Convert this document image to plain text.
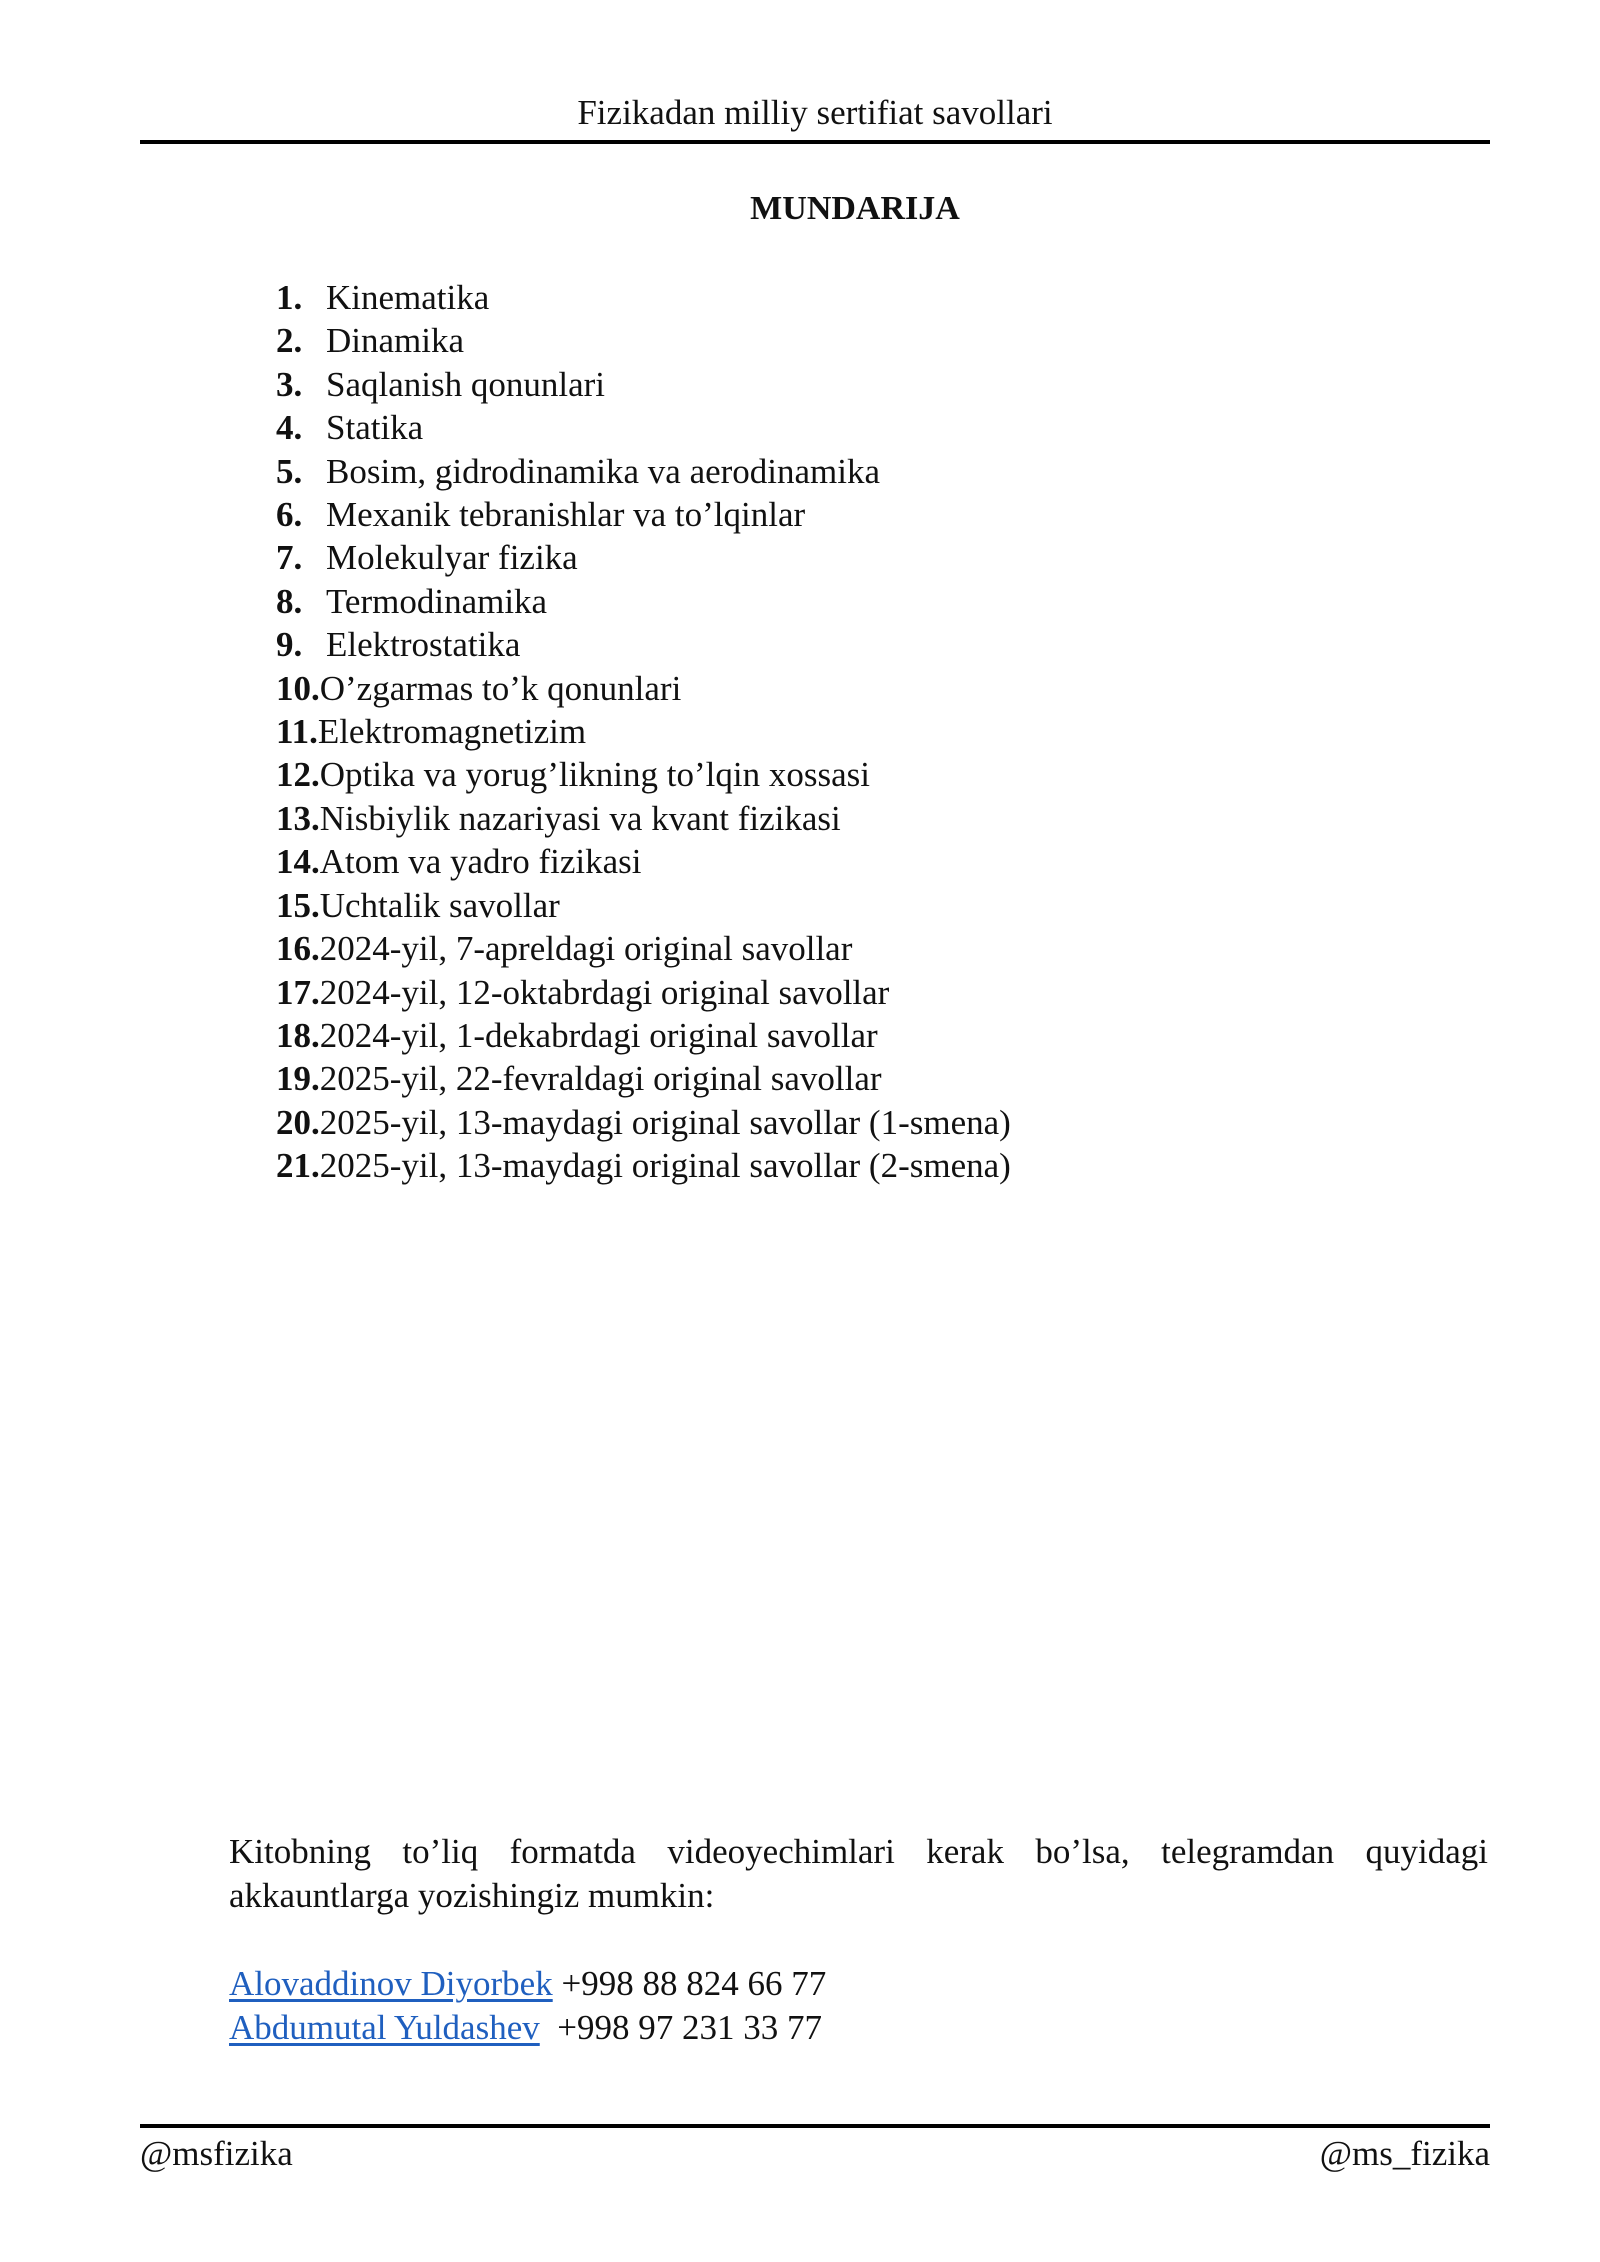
Fizikadan milliy sertifiat savollari
MUNDARIJA
1. Kinematika
2. Dinamika
3. Saqlanish qonunlari
4. Statika
5. Bosim, gidrodinamika va aerodinamika
6. Mexanik tebranishlar va to’lqinlar
7. Molekulyar fizika
8. Termodinamika
9. Elektrostatika
10. O’zgarmas to’k qonunlari
11. Elektromagnetizim
12. Optika va yorug’likning to’lqin xossasi
13. Nisbiylik nazariyasi va kvant fizikasi
14. Atom va yadro fizikasi
15. Uchtalik savollar
16. 2024-yil, 7-apreldagi original savollar
17. 2024-yil, 12-oktabrdagi original savollar
18. 2024-yil, 1-dekabrdagi original savollar
19. 2025-yil, 22-fevraldagi original savollar
20. 2025-yil, 13-maydagi original savollar (1-smena)
21. 2025-yil, 13-maydagi original savollar (2-smena)

Kitobning to’liq formatda videoyechimlari kerak bo’lsa, telegramdan quyidagi akkauntlarga yozishingiz mumkin:

Alovaddinov Diyorbek +998 88 824 66 77
Abdumutal Yuldashev  +998 97 231 33 77
@msfizika	@ms_fizika
